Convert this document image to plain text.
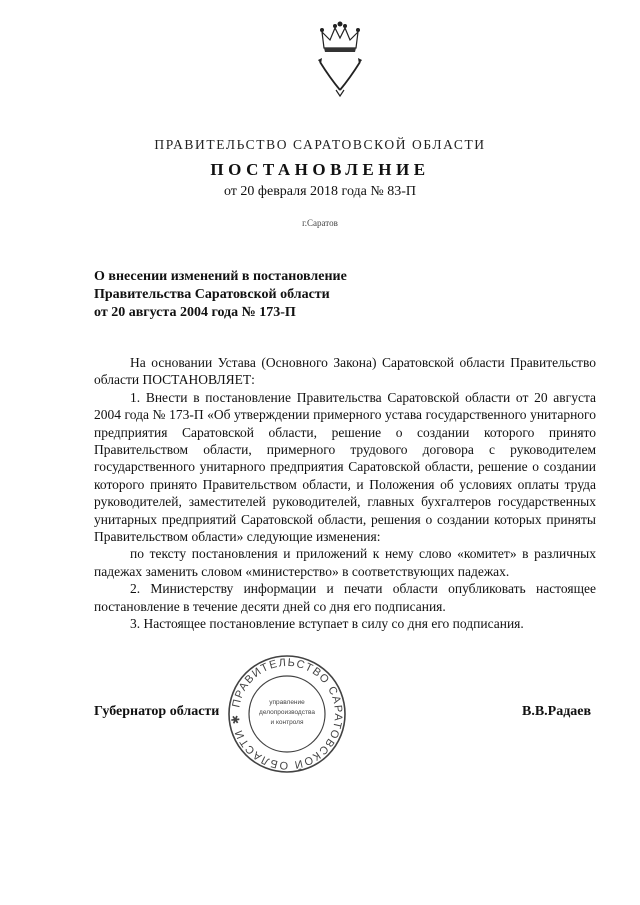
ПРАВИТЕЛЬСТВО САРАТОВСКОЙ ОБЛАСТИ
ПОСТАНОВЛЕНИЕ
от 20 февраля 2018 года № 83-П
г.Саратов
О внесении изменений в постановление
Правительства Саратовской области
от 20 августа 2004 года № 173-П

На основании Устава (Основного Закона) Саратовской области Правительство области ПОСТАНОВЛЯЕТ:

1. Внести в постановление Правительства Саратовской области от 20 августа 2004 года № 173-П «Об утверждении примерного устава государственного унитарного предприятия Саратовской области, решение о создании которого принято Правительством области, примерного трудового договора с руководителем государственного унитарного предприятия Саратовской области, решение о создании которого принято Правительством области, и Положения об условиях оплаты труда руководителей, заместителей руководителей, главных бухгалтеров государственных унитарных предприятий Саратовской области, решения о создании которых приняты Правительством области» следующие изменения:

по тексту постановления и приложений к нему слово «комитет» в различных падежах заменить словом «министерство» в соответствующих падежах.

2. Министерству информации и печати области опубликовать настоящее постановление в течение десяти дней со дня его подписания.

3. Настоящее постановление вступает в силу со дня его подписания.

Губернатор области	В.В.Радаев
ПРАВИТЕЛЬСТВО САРАТОВСКОЙ ОБЛАСТИ ✱
управление
делопроизводства
и контроля
